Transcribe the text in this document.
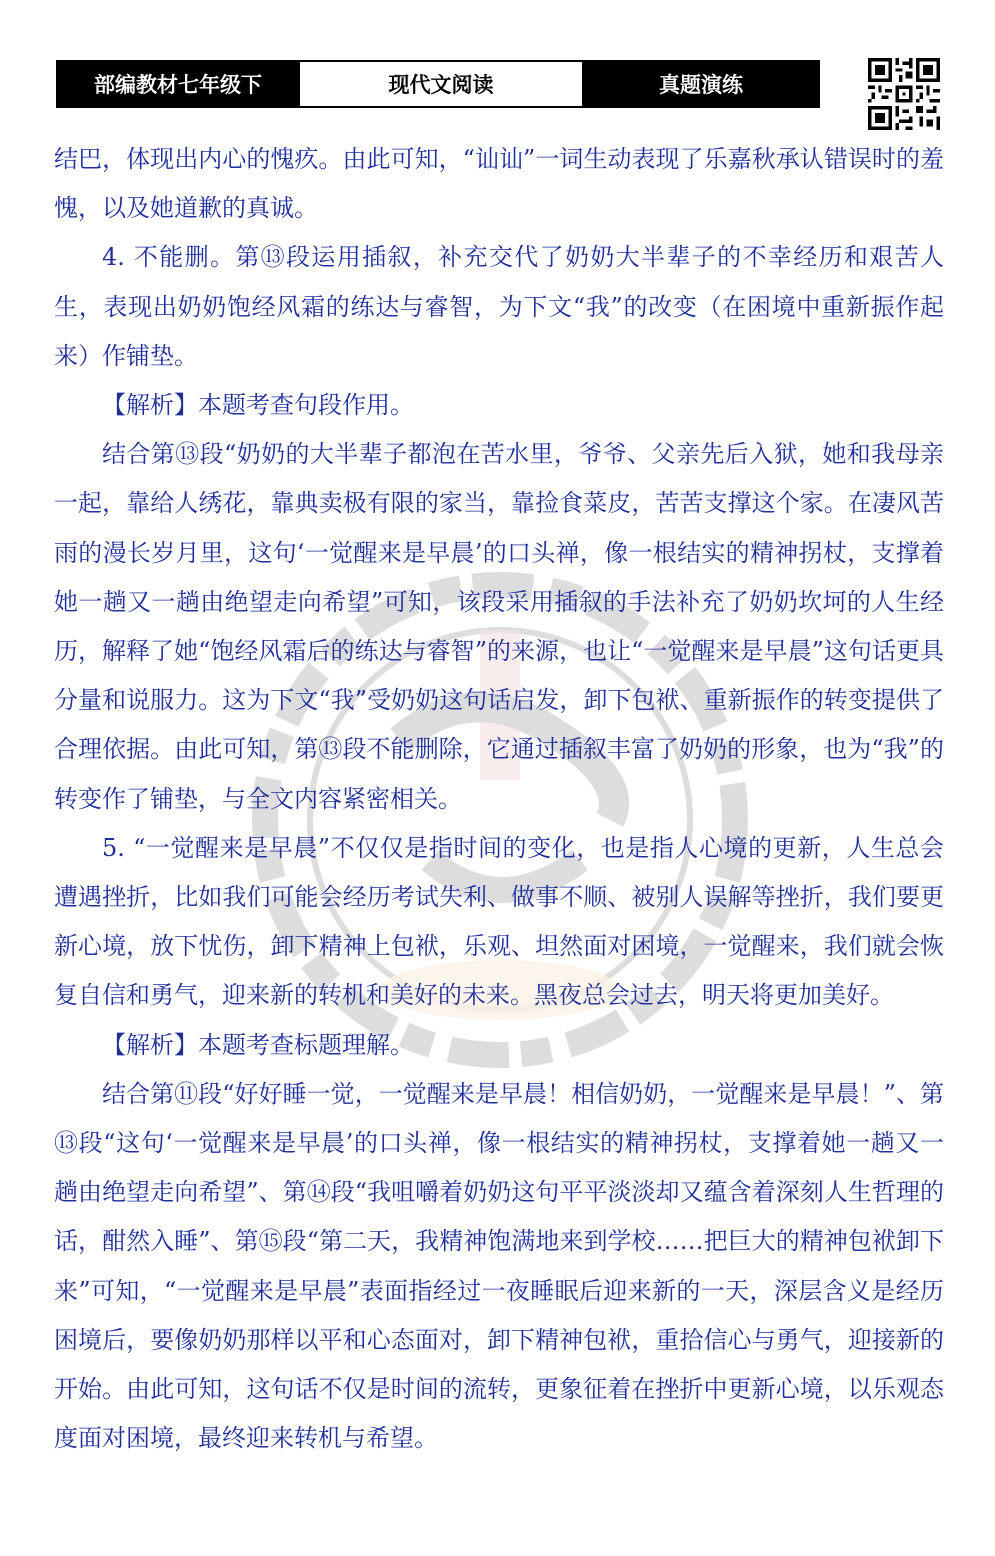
部编教材七年级下	现代文阅读	真题演练

结巴，体现出内心的愧疚。由此可知，“讪讪”一词生动表现了乐嘉秋承认错误时的羞愧，以及她道歉的真诚。

4. 不能删。第⑬段运用插叙，补充交代了奶奶大半辈子的不幸经历和艰苦人生，表现出奶奶饱经风霜的练达与睿智，为下文“我”的改变（在困境中重新振作起来）作铺垫。

【解析】本题考查句段作用。

结合第⑬段“奶奶的大半辈子都泡在苦水里，爷爷、父亲先后入狱，她和我母亲一起，靠给人绣花，靠典卖极有限的家当，靠捡食菜皮，苦苦支撑这个家。在凄风苦雨的漫长岁月里，这句‘一觉醒来是早晨’的口头禅，像一根结实的精神拐杖，支撑着她一趟又一趟由绝望走向希望”可知，该段采用插叙的手法补充了奶奶坎坷的人生经历，解释了她“饱经风霜后的练达与睿智”的来源，也让“一觉醒来是早晨”这句话更具分量和说服力。这为下文“我”受奶奶这句话启发，卸下包袱、重新振作的转变提供了合理依据。由此可知，第⑬段不能删除，它通过插叙丰富了奶奶的形象，也为“我”的转变作了铺垫，与全文内容紧密相关。

5. “一觉醒来是早晨”不仅仅是指时间的变化，也是指人心境的更新，人生总会遭遇挫折，比如我们可能会经历考试失利、做事不顺、被别人误解等挫折，我们要更新心境，放下忧伤，卸下精神上包袱，乐观、坦然面对困境，一觉醒来，我们就会恢复自信和勇气，迎来新的转机和美好的未来。黑夜总会过去，明天将更加美好。

【解析】本题考查标题理解。

结合第⑪段“好好睡一觉，一觉醒来是早晨！相信奶奶，一觉醒来是早晨！”、第⑬段“这句‘一觉醒来是早晨’的口头禅，像一根结实的精神拐杖，支撑着她一趟又一趟由绝望走向希望”、第⑭段“我咀嚼着奶奶这句平平淡淡却又蕴含着深刻人生哲理的话，酣然入睡”、第⑮段“第二天，我精神饱满地来到学校……把巨大的精神包袱卸下来”可知，“一觉醒来是早晨”表面指经过一夜睡眠后迎来新的一天，深层含义是经历困境后，要像奶奶那样以平和心态面对，卸下精神包袱，重拾信心与勇气，迎接新的开始。由此可知，这句话不仅是时间的流转，更象征着在挫折中更新心境，以乐观态度面对困境，最终迎来转机与希望。
